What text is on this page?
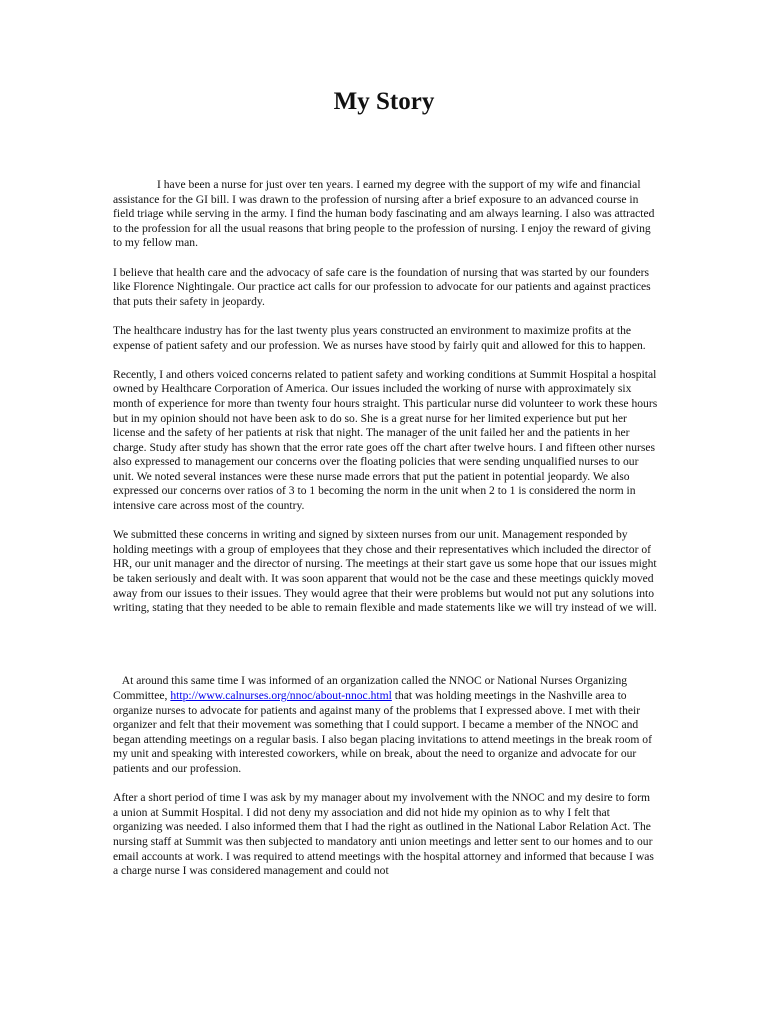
My Story

I have been a nurse for just over ten years. I earned my degree with the support of my wife and financial assistance for the GI bill. I was drawn to the profession of nursing after a brief exposure to an advanced course in field triage while serving in the army. I find the human body fascinating and am always learning. I also was attracted to the profession for all the usual reasons that bring people to the profession of nursing. I enjoy the reward of giving to my fellow man.

I believe that health care and the advocacy of safe care is the foundation of nursing that was started by our founders like Florence Nightingale. Our practice act calls for our profession to advocate for our patients and against practices that puts their safety in jeopardy.

The healthcare industry has for the last twenty plus years constructed an environment to maximize profits at the expense of patient safety and our profession. We as nurses have stood by fairly quit and allowed for this to happen.

Recently, I and others voiced concerns related to patient safety and working conditions at Summit Hospital a hospital owned by Healthcare Corporation of America. Our issues included the working of nurse with approximately six month of experience for more than twenty four hours straight. This particular nurse did volunteer to work these hours but in my opinion should not have been ask to do so. She is a great nurse for her limited experience but put her license and the safety of her patients at risk that night. The manager of the unit failed her and the patients in her charge. Study after study has shown that the error rate goes off the chart after twelve hours. I and fifteen other nurses also expressed to management our concerns over the floating policies that were sending unqualified nurses to our unit. We noted several instances were these nurse made errors that put the patient in potential jeopardy. We also expressed our concerns over ratios of 3 to 1 becoming the norm in the unit when 2 to 1 is considered the norm in intensive care across most of the country.

We submitted these concerns in writing and signed by sixteen nurses from our unit. Management responded by holding meetings with a group of employees that they chose and their representatives which included the director of HR, our unit manager and the director of nursing. The meetings at their start gave us some hope that our issues might be taken seriously and dealt with. It was soon apparent that would not be the case and these meetings quickly moved away from our issues to their issues. They would agree that their were problems but would not put any solutions into writing, stating that they needed to be able to remain flexible and made statements like we will try instead of we will.

At around this same time I was informed of an organization called the NNOC or National Nurses Organizing Committee, http://www.calnurses.org/nnoc/about-nnoc.html that was holding meetings in the Nashville area to organize nurses to advocate for patients and against many of the problems that I expressed above. I met with their organizer and felt that their movement was something that I could support. I became a member of the NNOC and began attending meetings on a regular basis. I also began placing invitations to attend meetings in the break room of my unit and speaking with interested coworkers, while on break, about the need to organize and advocate for our patients and our profession.

After a short period of time I was ask by my manager about my involvement with the NNOC and my desire to form a union at Summit Hospital. I did not deny my association and did not hide my opinion as to why I felt that organizing was needed. I also informed them that I had the right as outlined in the National Labor Relation Act. The nursing staff at Summit was then subjected to mandatory anti union meetings and letter sent to our homes and to our email accounts at work. I was required to attend meetings with the hospital attorney and informed that because I was a charge nurse I was considered management and could not
